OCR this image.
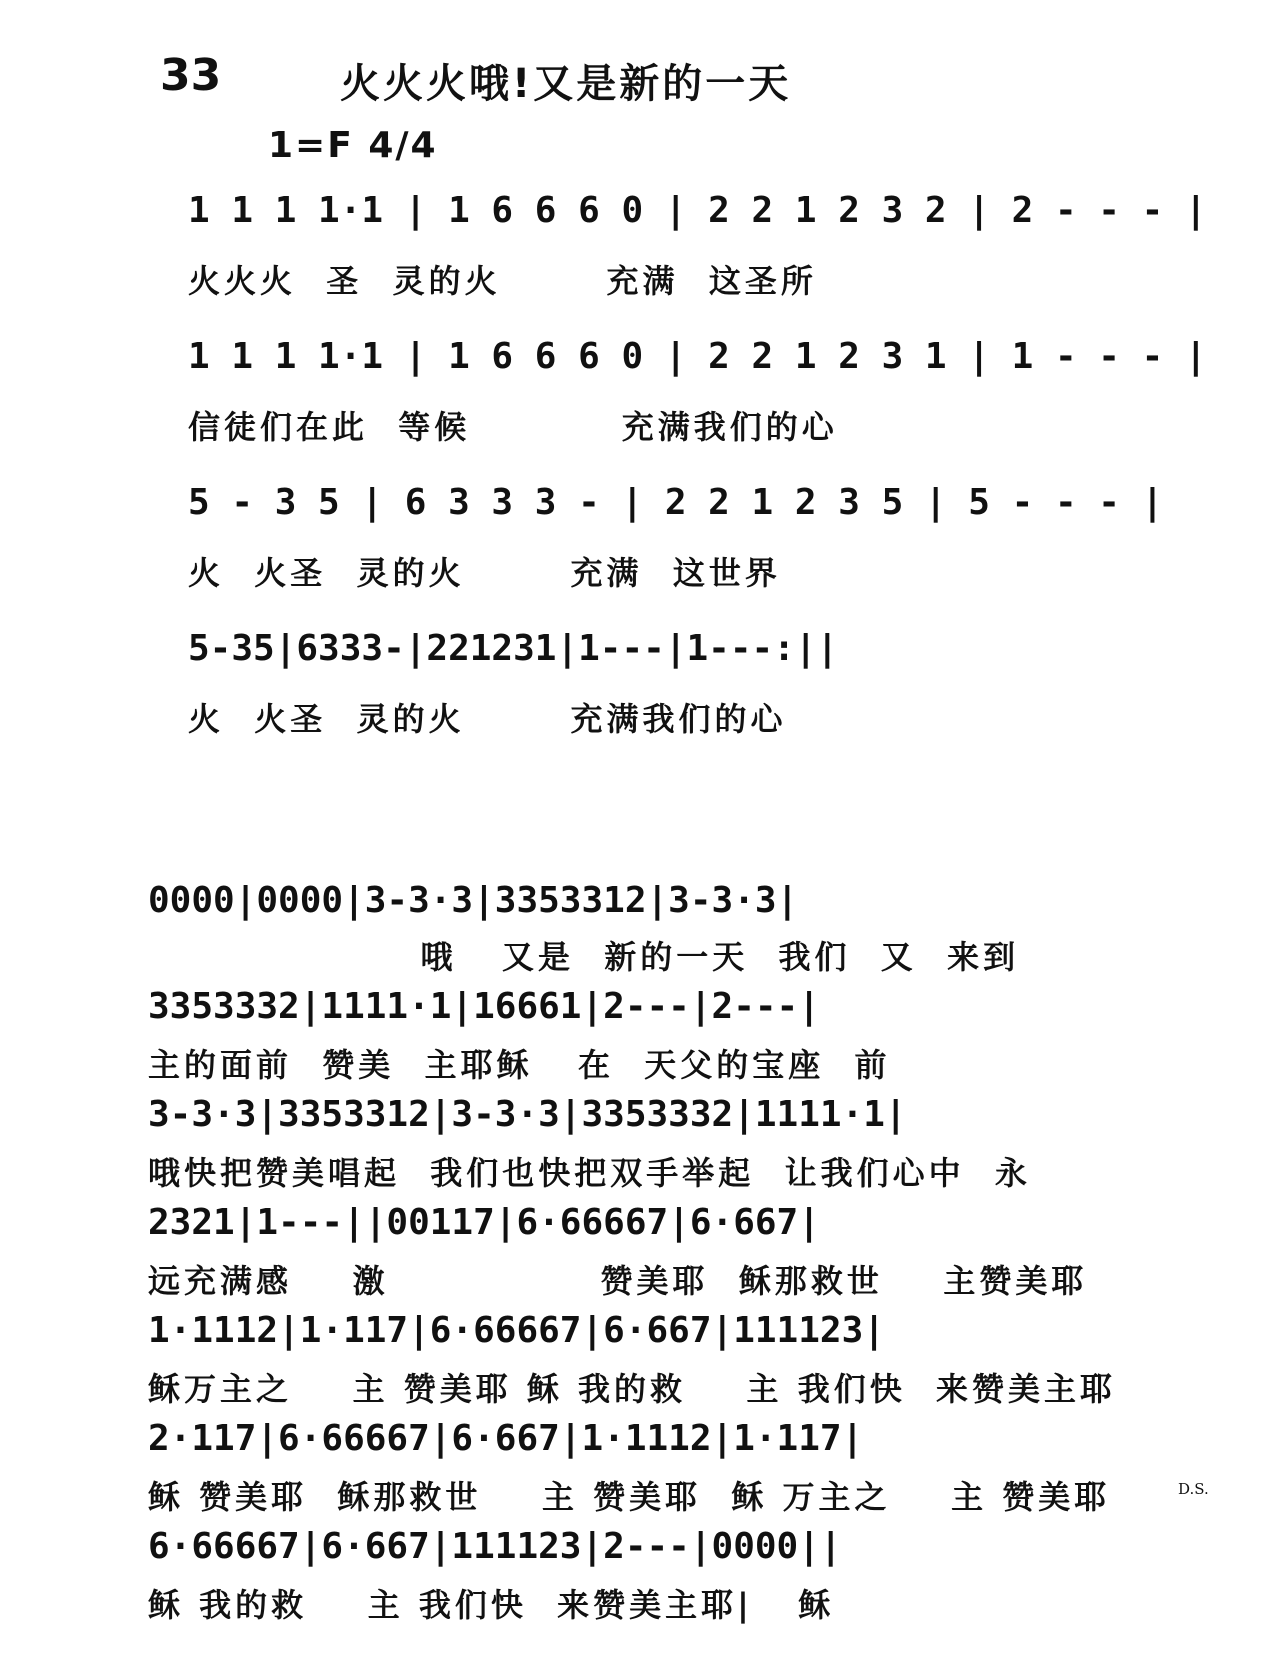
33	火火火哦!又是新的一天
1=F 4/4
1 1 1 1·1 | 1 6 6 6 0 | 2 2 1 2 3 2 | 2 - - - |
火火火  圣  灵的火       充满  这圣所
1 1 1 1·1 | 1 6 6 6 0 | 2 2 1 2 3 1 | 1 - - - |
信徒们在此  等候          充满我们的心
5 - 3 5 | 6 3 3 3 - | 2 2 1 2 3 5 | 5 - - - |
火  火圣  灵的火       充满  这世界
5-35|6333-|221231|1---|1---:||
火  火圣  灵的火       充满我们的心
0000|0000|3-3·3|3353312|3-3·3|
哦   又是  新的一天  我们  又  来到
3353332|1111·1|16661|2---|2---|
主的面前  赞美  主耶稣   在  天父的宝座  前
3-3·3|3353312|3-3·3|3353332|1111·1|
哦快把赞美唱起  我们也快把双手举起  让我们心中  永
2321|1---||00117|6·66667|6·667|
远充满感    激              赞美耶  稣那救世    主赞美耶
1·1112|1·117|6·66667|6·667|111123|
稣万主之    主 赞美耶 稣 我的救    主 我们快  来赞美主耶
2·117|6·66667|6·667|1·1112|1·117|
稣 赞美耶  稣那救世    主 赞美耶  稣 万主之    主 赞美耶
6·66667|6·667|111123|2---|0000||
稣 我的救    主 我们快  来赞美主耶|   稣
D.S.
